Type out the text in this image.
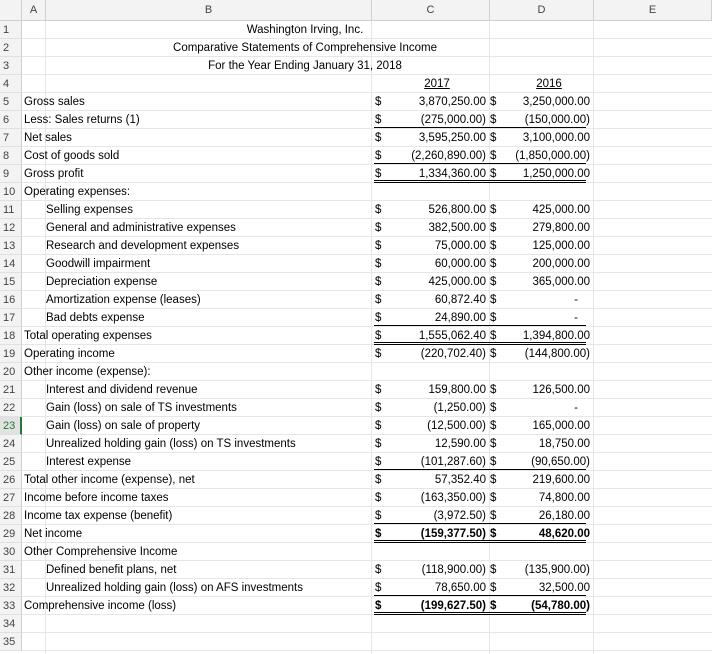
A	B	C	D	E
1	Washington Irving, Inc.
2	Comparative Statements of Comprehensive Income
3	For the Year Ending January 31, 2018
4	2017	2016
5	Gross sales	$	3,870,250.00 $	3,250,000.00
6	Less: Sales returns (1)	$	(275,000.00) $	(150,000.00)
7	Net sales	$	3,595,250.00 $	3,100,000.00
8	Cost of goods sold	$	(2,260,890.00) $	(1,850,000.00)
9	Gross profit	$	1,334,360.00 $	1,250,000.00
10 Operating expenses:
11	Selling expenses	$	526,800.00 $	425,000.00
12	General and administrative expenses	$	382,500.00 $	279,800.00
13	Research and development expenses	$	75,000.00 $	125,000.00
14	Goodwill impairment	$	60,000.00 $	200,000.00
15	Depreciation expense	$	425,000.00 $	365,000.00
16	Amortization expense (leases)	$	60,872.40 $	-
17	Bad debts expense	$	24,890.00 $	-
18 Total operating expenses	$	1,555,062.40 $	1,394,800.00
19 Operating income	$	(220,702.40) $	(144,800.00)
20 Other income (expense):
21	Interest and dividend revenue	$	159,800.00 $	126,500.00
22	Gain (loss) on sale of TS investments	$	(1,250.00) $	-
23	Gain (loss) on sale of property	$	(12,500.00) $	165,000.00
24	Unrealized holding gain (loss) on TS investments	$	12,590.00 $	18,750.00
25	Interest expense	$	(101,287.60) $	(90,650.00)
26 Total other income (expense), net	$	57,352.40 $	219,600.00
27 Income before income taxes	$	(163,350.00) $	74,800.00
28 Income tax expense (benefit)	$	(3,972.50) $	26,180.00
29 Net income	$	(159,377.50) $	48,620.00
30 Other Comprehensive Income
31	Defined benefit plans, net	$	(118,900.00) $	(135,900.00)
32	Unrealized holding gain (loss) on AFS investments	$	78,650.00 $	32,500.00
33 Comprehensive income (loss)	$	(199,627.50) $	(54,780.00)
34
35
